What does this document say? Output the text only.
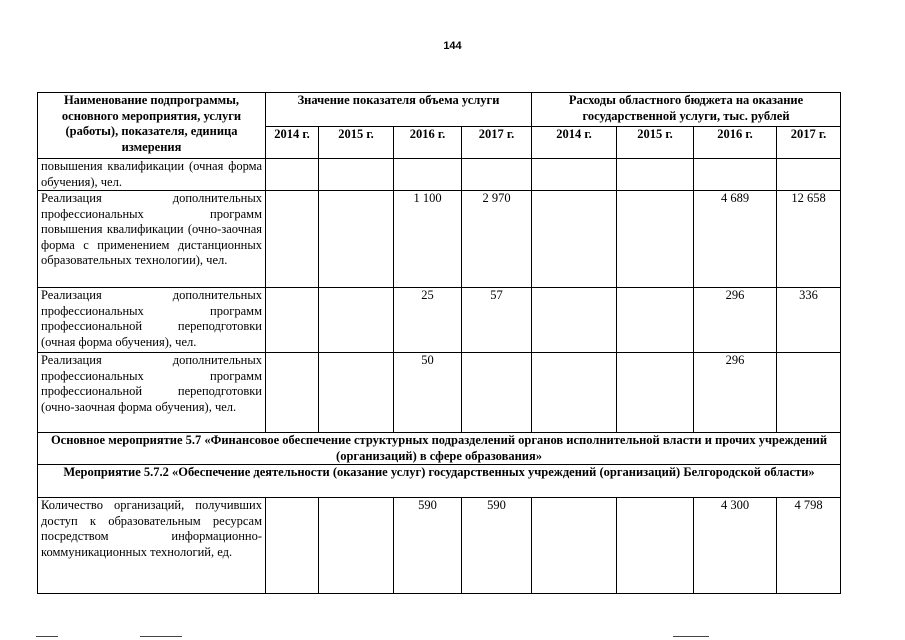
144
Наименование подпрограммы, основного мероприятия, услуги (работы), показателя, единица измерения	Значение показателя объема услуги				Расходы областного бюджета на оказание государственной услуги, тыс. рублей			
	2014 г.	2015 г.	2016 г.	2017 г.	2014 г.	2015 г.	2016 г.	2017 г.
повышения квалификации (очная форма обучения), чел.								
Реализация дополнительных профессиональных программ повышения квалификации (очно-заочная форма с применением дистанционных образовательных технологии), чел.			1 100	2 970			4 689	12 658
Реализация дополнительных профессиональных программ профессиональной переподготовки (очная форма обучения), чел.			25	57			296	336
Реализация дополнительных профессиональных программ профессиональной переподготовки (очно-заочная форма обучения), чел.			50				296	
Основное мероприятие 5.7 «Финансовое обеспечение структурных подразделений органов исполнительной власти и прочих учреждений (организаций) в сфере образования»								
Мероприятие 5.7.2 «Обеспечение деятельности (оказание услуг) государственных учреждений (организаций) Белгородской области»								
Количество организаций, получивших доступ к образовательным ресурсам посредством информационно-коммуникационных технологий, ед.			590	590			4 300	4 798
